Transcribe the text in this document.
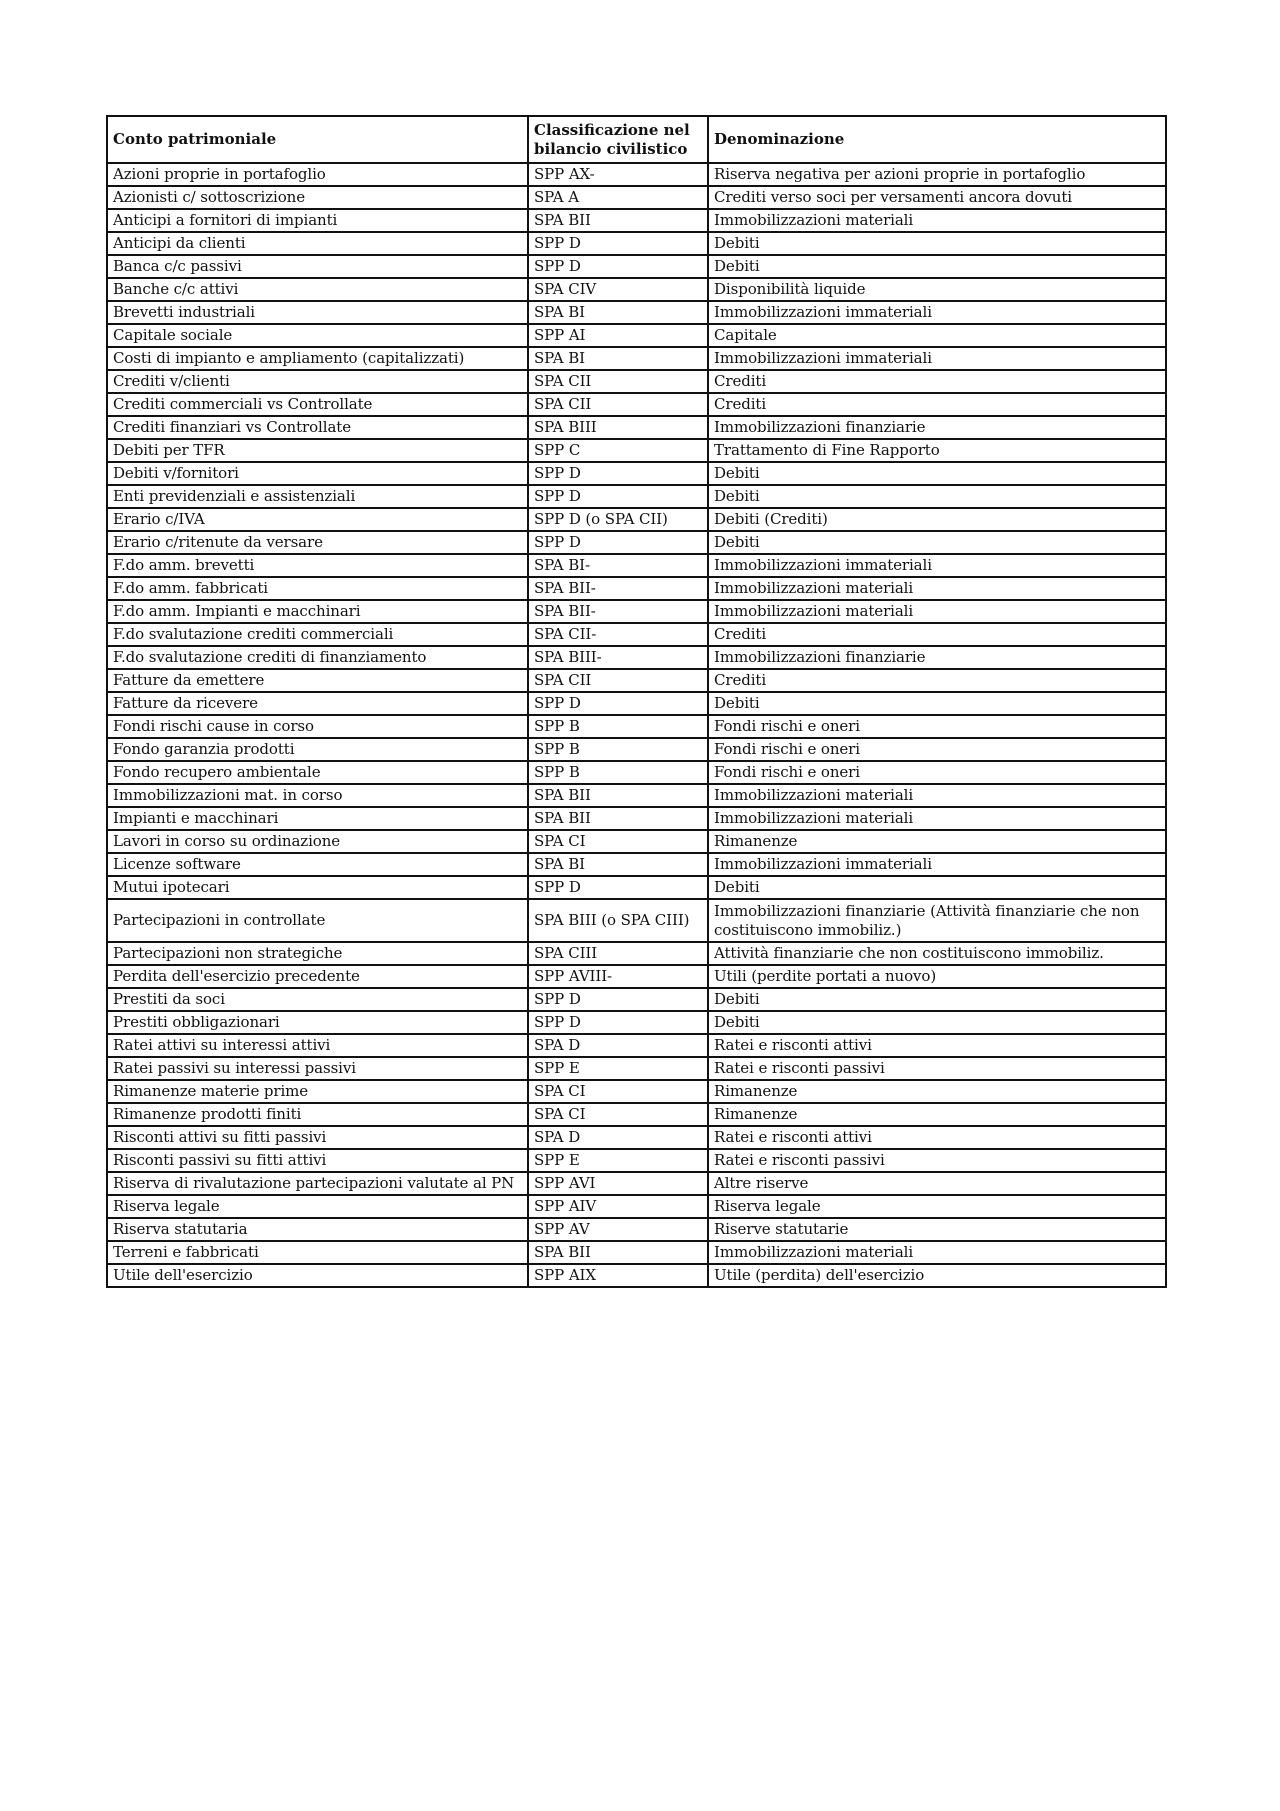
Conto patrimoniale	Classificazione nel bilancio civilistico	Denominazione
Azioni proprie in portafoglio	SPP AX-	Riserva negativa per azioni proprie in portafoglio
Azionisti c/ sottoscrizione	SPA A	Crediti verso soci per versamenti ancora dovuti
Anticipi a fornitori di impianti	SPA BII	Immobilizzazioni materiali
Anticipi da clienti	SPP D	Debiti
Banca c/c passivi	SPP D	Debiti
Banche c/c attivi	SPA CIV	Disponibilità liquide
Brevetti industriali	SPA BI	Immobilizzazioni immateriali
Capitale sociale	SPP AI	Capitale
Costi di impianto e ampliamento (capitalizzati)	SPA BI	Immobilizzazioni immateriali
Crediti v/clienti	SPA CII	Crediti
Crediti commerciali vs Controllate	SPA CII	Crediti
Crediti finanziari vs Controllate	SPA BIII	Immobilizzazioni finanziarie
Debiti per TFR	SPP C	Trattamento di Fine Rapporto
Debiti v/fornitori	SPP D	Debiti
Enti previdenziali e assistenziali	SPP D	Debiti
Erario c/IVA	SPP D (o SPA CII)	Debiti (Crediti)
Erario c/ritenute da versare	SPP D	Debiti
F.do amm. brevetti	SPA BI-	Immobilizzazioni immateriali
F.do amm. fabbricati	SPA BII-	Immobilizzazioni materiali
F.do amm. Impianti e macchinari	SPA BII-	Immobilizzazioni materiali
F.do svalutazione crediti commerciali	SPA CII-	Crediti
F.do svalutazione crediti di finanziamento	SPA BIII-	Immobilizzazioni finanziarie
Fatture da emettere	SPA CII	Crediti
Fatture da ricevere	SPP D	Debiti
Fondi rischi cause in corso	SPP B	Fondi rischi e oneri
Fondo garanzia prodotti	SPP B	Fondi rischi e oneri
Fondo recupero ambientale	SPP B	Fondi rischi e oneri
Immobilizzazioni mat. in corso	SPA BII	Immobilizzazioni materiali
Impianti e macchinari	SPA BII	Immobilizzazioni materiali
Lavori in corso su ordinazione	SPA CI	Rimanenze
Licenze software	SPA BI	Immobilizzazioni immateriali
Mutui ipotecari	SPP D	Debiti
Partecipazioni in controllate	SPA BIII (o SPA CIII)	Immobilizzazioni finanziarie (Attività finanziarie che non costituiscono immobiliz.)
Partecipazioni non strategiche	SPA CIII	Attività finanziarie che non costituiscono immobiliz.
Perdita dell'esercizio precedente	SPP AVIII-	Utili (perdite portati a nuovo)
Prestiti da soci	SPP D	Debiti
Prestiti obbligazionari	SPP D	Debiti
Ratei attivi su interessi attivi	SPA D	Ratei e risconti attivi
Ratei passivi su interessi passivi	SPP E	Ratei e risconti passivi
Rimanenze materie prime	SPA CI	Rimanenze
Rimanenze prodotti finiti	SPA CI	Rimanenze
Risconti attivi su fitti passivi	SPA D	Ratei e risconti attivi
Risconti passivi su fitti attivi	SPP E	Ratei e risconti passivi
Riserva di rivalutazione partecipazioni valutate al PN	SPP AVI	Altre riserve
Riserva legale	SPP AIV	Riserva legale
Riserva statutaria	SPP AV	Riserve statutarie
Terreni e fabbricati	SPA BII	Immobilizzazioni materiali
Utile dell'esercizio	SPP AIX	Utile (perdita) dell'esercizio
